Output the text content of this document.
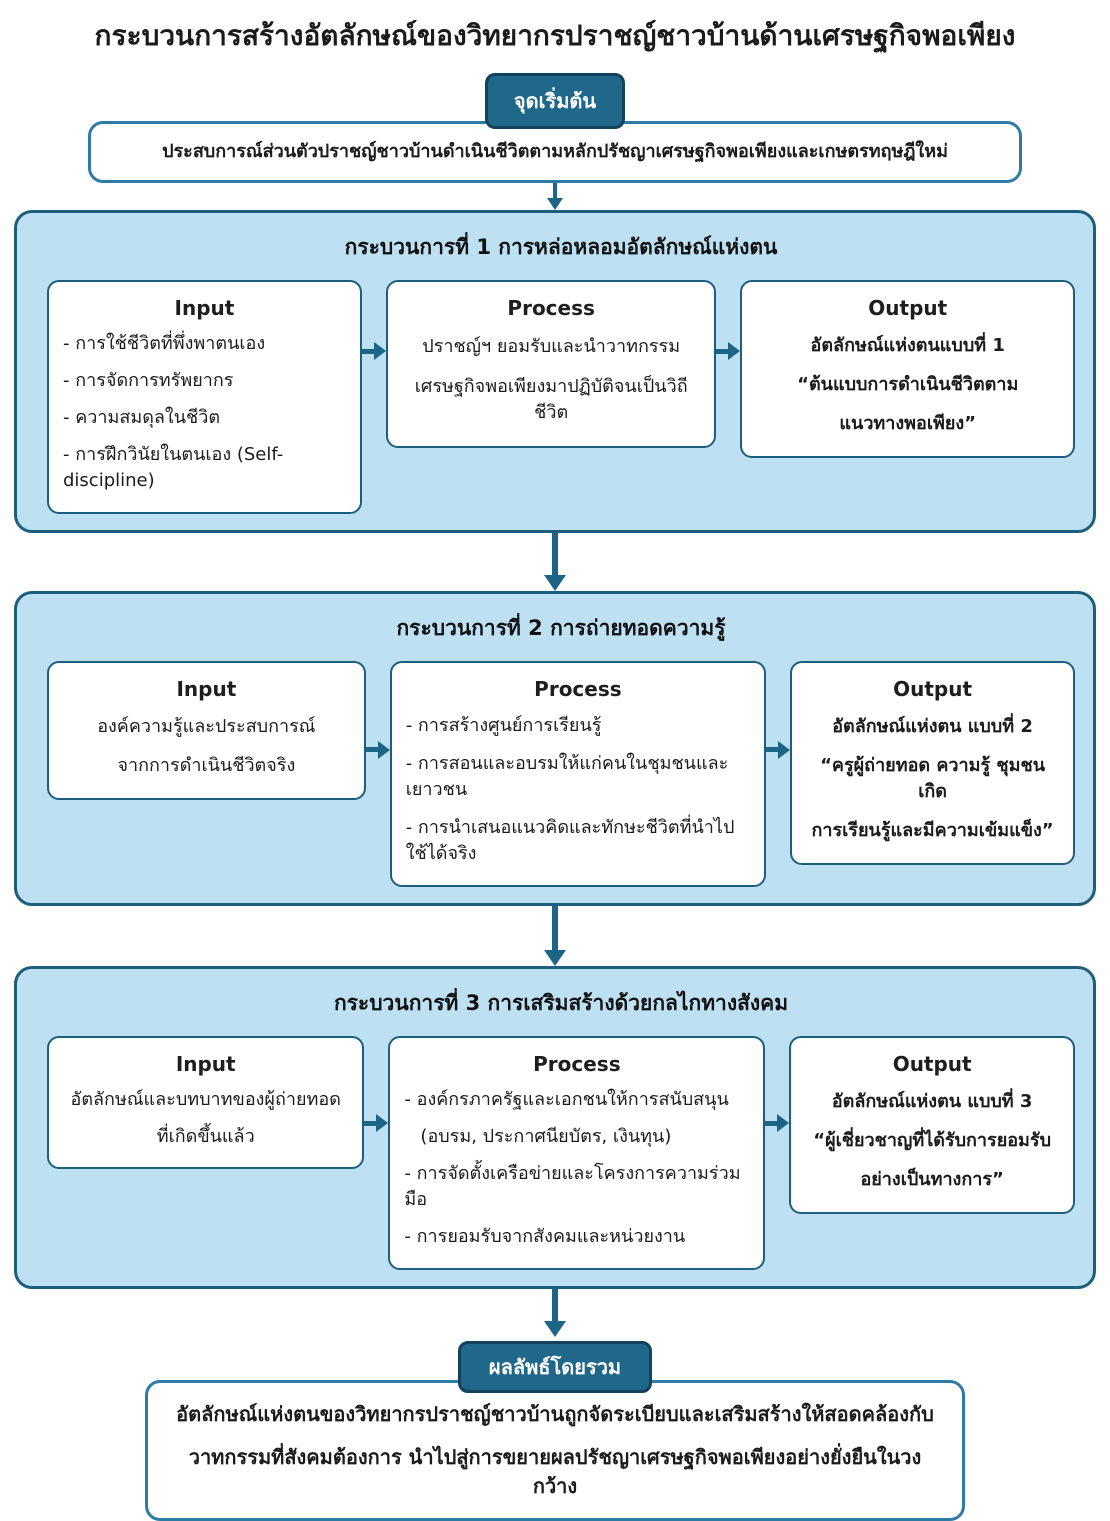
กระบวนการสร้างอัตลักษณ์ของวิทยากรปราชญ์ชาวบ้านด้านเศรษฐกิจพอเพียง
จุดเริ่มต้น
ประสบการณ์ส่วนตัวปราชญ์ชาวบ้านดำเนินชีวิตตามหลักปรัชญาเศรษฐกิจพอเพียงและเกษตรทฤษฎีใหม่
กระบวนการที่ 1 การหล่อหลอมอัตลักษณ์แห่งตน
Input
- การใช้ชีวิตที่พึ่งพาตนเอง
- การจัดการทรัพยากร
- ความสมดุลในชีวิต
- การฝึกวินัยในตนเอง (Self-discipline)
Process
ปราชญ์ฯ ยอมรับและนำวาทกรรม
เศรษฐกิจพอเพียงมาปฏิบัติจนเป็นวิถีชีวิต
Output
อัตลักษณ์แห่งตนแบบที่ 1
“ต้นแบบการดำเนินชีวิตตาม
แนวทางพอเพียง”
กระบวนการที่ 2 การถ่ายทอดความรู้
Input
องค์ความรู้และประสบการณ์
จากการดำเนินชีวิตจริง
Process
- การสร้างศูนย์การเรียนรู้
- การสอนและอบรมให้แก่คนในชุมชนและเยาวชน
- การนำเสนอแนวคิดและทักษะชีวิตที่นำไปใช้ได้จริง
Output
อัตลักษณ์แห่งตน แบบที่ 2
“ครูผู้ถ่ายทอด ความรู้ ชุมชนเกิด
การเรียนรู้และมีความเข้มแข็ง”
กระบวนการที่ 3 การเสริมสร้างด้วยกลไกทางสังคม
Input
อัตลักษณ์และบทบาทของผู้ถ่ายทอด
ที่เกิดขึ้นแล้ว
Process
- องค์กรภาครัฐและเอกชนให้การสนับสนุน
(อบรม, ประกาศนียบัตร, เงินทุน)
- การจัดตั้งเครือข่ายและโครงการความร่วมมือ
- การยอมรับจากสังคมและหน่วยงาน
Output
อัตลักษณ์แห่งตน แบบที่ 3
“ผู้เชี่ยวชาญที่ได้รับการยอมรับ
อย่างเป็นทางการ”
ผลลัพธ์โดยรวม
อัตลักษณ์แห่งตนของวิทยากรปราชญ์ชาวบ้านถูกจัดระเบียบและเสริมสร้างให้สอดคล้องกับ
วาทกรรมที่สังคมต้องการ นำไปสู่การขยายผลปรัชญาเศรษฐกิจพอเพียงอย่างยั่งยืนในวงกว้าง
